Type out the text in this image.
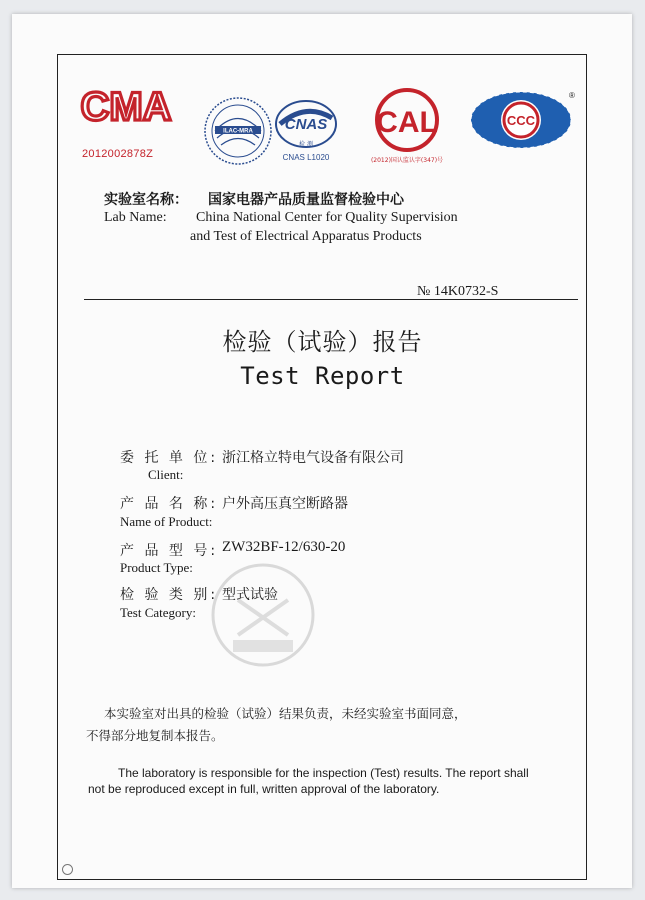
CMA
2012002878Z
ILAC-MRA CNAS
检 测
CNAS L1020
CAL
(2012)国认监认字(347)号
CCC
®
实验室名称： 国家电器产品质量监督检验中心
Lab Name: China National Center for Quality Supervision
and Test of Electrical Apparatus Products
№ 14K0732-S
检验（试验）报告
Test Report
委 托 单 位: 浙江格立特电气设备有限公司
Client:
产 品 名 称: 户外高压真空断路器
Name of Product:
产 品 型 号: ZW32BF-12/630-20
Product Type:
检 验 类 别: 型式试验
Test Category:
本实验室对出具的检验（试验）结果负责，未经实验室书面同意，
不得部分地复制本报告。
The laboratory is responsible for the inspection (Test) results. The report shall
not be reproduced except in full, written approval of the laboratory.
